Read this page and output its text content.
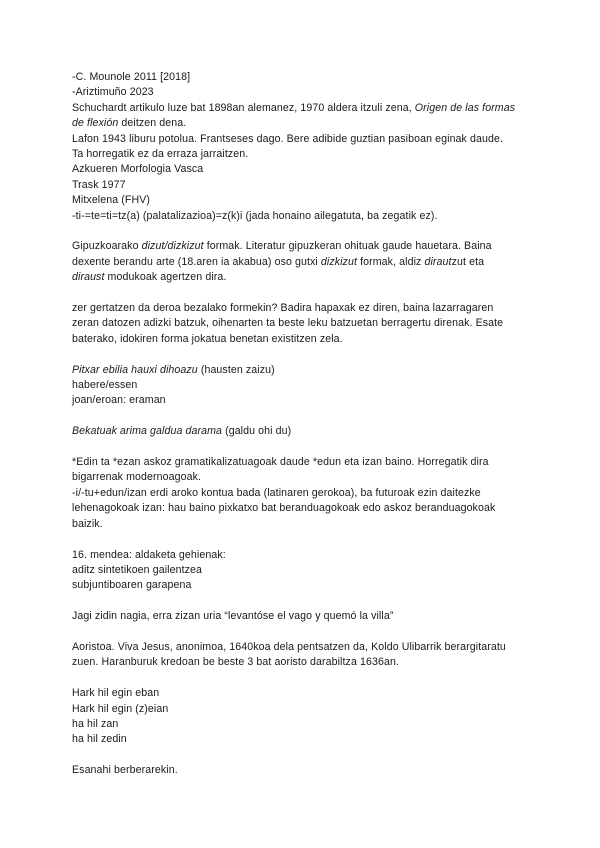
-C. Mounole 2011 [2018]
-Ariztimuño 2023
Schuchardt artikulo luze bat 1898an alemanez, 1970 aldera itzuli zena, Origen de las formas
de flexión deitzen dena.
Lafon 1943 liburu potolua. Frantseses dago. Bere adibide guztian pasiboan eginak daude.
Ta horregatik ez da erraza jarraitzen.
Azkueren Morfologia Vasca
Trask 1977
Mitxelena (FHV)
-ti-=te=ti=tz(a) (palatalizazioa)=z(k)i (jada honaino ailegatuta, ba zegatik ez).
Gipuzkoarako dizut/dizkizut formak. Literatur gipuzkeran ohituak gaude hauetara. Baina
dexente berandu arte (18.aren ia akabua) oso gutxi dizkizut formak, aldiz dirautzut eta
diraust modukoak agertzen dira.
zer gertatzen da deroa bezalako formekin? Badira hapaxak ez diren, baina lazarragaren
zeran datozen adizki batzuk, oihenarten ta beste leku batzuetan berragertu direnak. Esate
baterako, idokiren forma jokatua benetan existitzen zela.
Pitxar ebilia hauxi dihoazu (hausten zaizu)
habere/essen
joan/eroan: eraman
Bekatuak arima galdua darama (galdu ohi du)
*Edin ta *ezan askoz gramatikalizatuagoak daude *edun eta izan baino. Horregatik dira
bigarrenak modernoagoak.
-i/-tu+edun/izan erdi aroko kontua bada (latinaren gerokoa), ba futuroak ezin daitezke
lehenagokoak izan: hau baino pixkatxo bat beranduagokoak edo askoz beranduagokoak
baizik.
16. mendea: aldaketa gehienak:
aditz sintetikoen gailentzea
subjuntiboaren garapena
Jagi zidin nagia, erra zizan uria “levantóse el vago y quemó la villa”
Aoristoa. Viva Jesus, anonimoa, 1640koa dela pentsatzen da, Koldo Ulibarrik berargitaratu
zuen. Haranburuk kredoan be beste 3 bat aoristo darabiltza 1636an.
Hark hil egin eban
Hark hil egin (z)eian
ha hil zan
ha hil zedin
Esanahi berberarekin.
